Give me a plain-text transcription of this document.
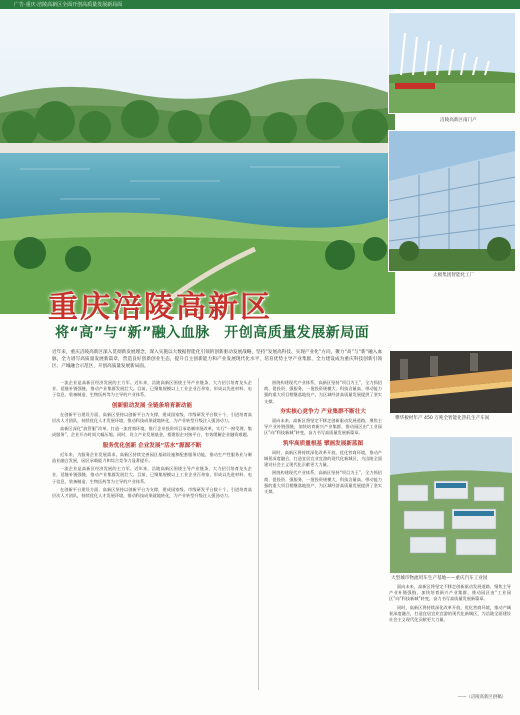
广告·重庆·涪陵高新区全面开创高质量发展新局面
涪陵高新区南门户
太极集团智能化工厂
重庆涪陵高新区
将“高”与“新”融入血脉　开创高质量发展新局面
近年来，重庆涪陵高新区深入贯彻新发展理念，深入实施以大数据智能化引领的创新驱动发展战略，坚持“发展高科技、实现产业化”方向，聚力“高”与“新”融入血脉，全力谱写高质量发展新篇章，营造良好创新创业生态，提升自主创新能力和产业发展现代化水平，培育优势主导产业集群，全力建设成为重庆科技创新引领区、产城融合示范区，开创高质量发展新局面。
攀华板材年产 450 万吨全智能化热轧生产车间
大型城市物流用车生产基地——重庆汽车工业园

一流企业是高新区经济发展的主力军。近年来，涪陵高新区围绕主导产业链条，大力招引培育龙头企业，延链补链强链，推动产业集群发展壮大。目前，已聚集规模以上工业企业百余家，形成以先进材料、电子信息、装备制造、生物医药等为主导的产业体系。

创新驱动发展 全链条培育新动能

在创新平台建设方面，高新区坚持以创新平台为支撑，建成国家级、市级研发平台数十个，引进培育高层次人才团队，持续优化人才发展环境，推动科技成果就地转化，为产业转型升级注入强劲动力。

高新区深化“放管服”改革，打造一流营商环境，推行企业投资项目承诺制审批改革，实行“一窗受理、集成服务”，企业开办时间大幅压缩。同时，设立产业发展基金，搭建银企对接平台，有效缓解企业融资难题。

服务优化创新 企业发展“活水”源源不断

近年来，为服务企业发展需求，高新区持续完善园区基础设施和配套服务功能，推动生产性服务业与制造业融合发展，园区承载能力和综合竞争力显著提升。

一流企业是高新区经济发展的主力军。近年来，涪陵高新区围绕主导产业链条，大力招引培育龙头企业，延链补链强链，推动产业集群发展壮大。目前，已聚集规模以上工业企业百余家，形成以先进材料、电子信息、装备制造、生物医药等为主导的产业体系。

在创新平台建设方面，高新区坚持以创新平台为支撑，建成国家级、市级研发平台数十个，引进培育高层次人才团队，持续优化人才发展环境，推动科技成果就地转化，为产业转型升级注入强劲动力。

围绕构建现代产业体系，高新区坚持“项目为王”，全力抓招商、促投资、强服务，一批投资规模大、科技含量高、带动能力强的重大项目相继落地投产，为区域经济高质量发展提供了坚实支撑。

夯实核心竞争力 产业集群不断壮大

面向未来，高新区将坚定不移走创新驱动发展道路，聚焦主导产业补链强链，加快培育新兴产业集群，推动园区由“工业园区”向“科技新城”转变，奋力书写高质量发展新篇章。

筑牢高质量根基 擘画发展新蓝图

同时，高新区将持续深化改革开放，优化营商环境，推动产城景深度融合，打造宜居宜业宜游的现代化新城区，为涪陵全面建设社会主义现代化贡献更大力量。

围绕构建现代产业体系，高新区坚持“项目为王”，全力抓招商、促投资、强服务，一批投资规模大、科技含量高、带动能力强的重大项目相继落地投产，为区域经济高质量发展提供了坚实支撑。

面向未来，高新区将坚定不移走创新驱动发展道路，聚焦主导产业补链强链，加快培育新兴产业集群，推动园区由“工业园区”向“科技新城”转变，奋力书写高质量发展新篇章。

同时，高新区将持续深化改革开放，优化营商环境，推动产城景深度融合，打造宜居宜业宜游的现代化新城区，为涪陵全面建设社会主义现代化贡献更大力量。

——（涪陵高新区供稿）
